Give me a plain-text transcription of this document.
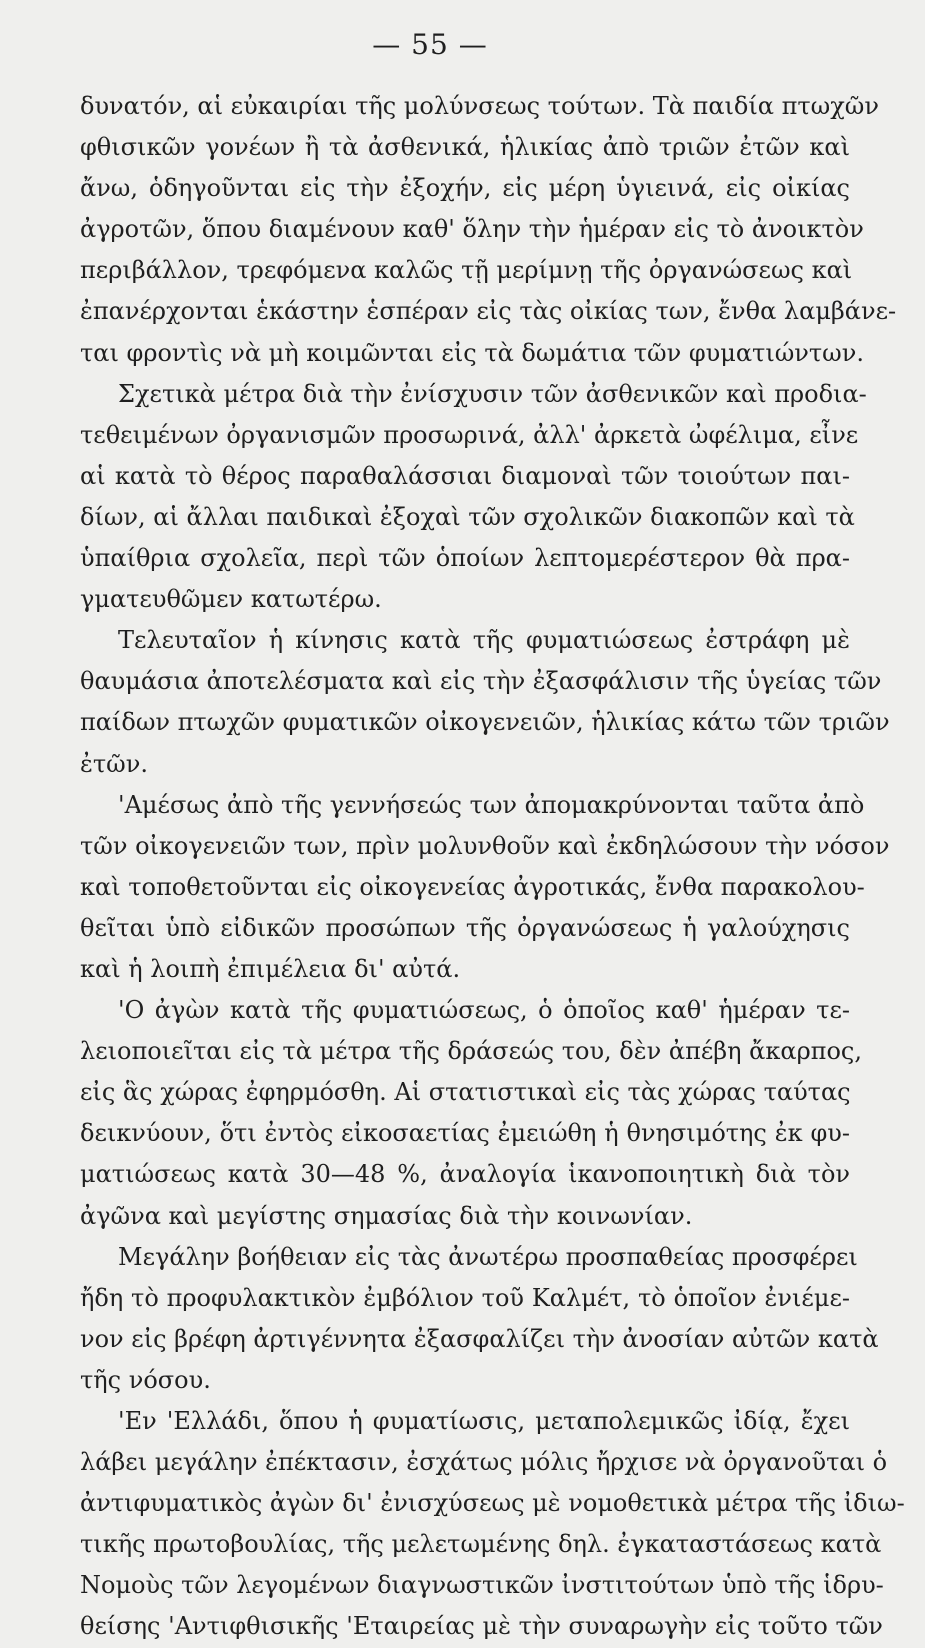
— 55 —
δυνατόν, αἱ εὐκαιρίαι τῆς μολύνσεως τούτων. Τὰ παιδία πτωχῶν
φθισικῶν γονέων ἢ τὰ ἀσθενικά, ἡλικίας ἀπὸ τριῶν ἐτῶν καὶ
ἄνω, ὁδηγοῦνται εἰς τὴν ἐξοχήν, εἰς μέρη ὑγιεινά, εἰς οἰκίας
ἀγροτῶν, ὅπου διαμένουν καθ' ὅλην τὴν ἡμέραν εἰς τὸ ἀνοικτὸν
περιβάλλον, τρεφόμενα καλῶς τῇ μερίμνῃ τῆς ὀργανώσεως καὶ
ἐπανέρχονται ἑκάστην ἑσπέραν εἰς τὰς οἰκίας των, ἔνθα λαμβάνε-
ται φροντὶς νὰ μὴ κοιμῶνται εἰς τὰ δωμάτια τῶν φυματιώντων.
Σχετικὰ μέτρα διὰ τὴν ἐνίσχυσιν τῶν ἀσθενικῶν καὶ προδια-
τεθειμένων ὀργανισμῶν προσωρινά, ἀλλ' ἀρκετὰ ὠφέλιμα, εἶνε
αἱ κατὰ τὸ θέρος παραθαλάσσιαι διαμοναὶ τῶν τοιούτων παι-
δίων, αἱ ἄλλαι παιδικαὶ ἐξοχαὶ τῶν σχολικῶν διακοπῶν καὶ τὰ
ὑπαίθρια σχολεῖα, περὶ τῶν ὁποίων λεπτομερέστερον θὰ πρα-
γματευθῶμεν κατωτέρω.
Τελευταῖον ἡ κίνησις κατὰ τῆς φυματιώσεως ἐστράφη μὲ
θαυμάσια ἀποτελέσματα καὶ εἰς τὴν ἐξασφάλισιν τῆς ὑγείας τῶν
παίδων πτωχῶν φυματικῶν οἰκογενειῶν, ἡλικίας κάτω τῶν τριῶν
ἐτῶν.
'Αμέσως ἀπὸ τῆς γεννήσεώς των ἀπομακρύνονται ταῦτα ἀπὸ
τῶν οἰκογενειῶν των, πρὶν μολυνθοῦν καὶ ἐκδηλώσουν τὴν νόσον
καὶ τοποθετοῦνται εἰς οἰκογενείας ἀγροτικάς, ἔνθα παρακολου-
θεῖται ὑπὸ εἰδικῶν προσώπων τῆς ὀργανώσεως ἡ γαλούχησις
καὶ ἡ λοιπὴ ἐπιμέλεια δι' αὐτά.
'Ο ἀγὼν κατὰ τῆς φυματιώσεως, ὁ ὁποῖος καθ' ἡμέραν τε-
λειοποιεῖται εἰς τὰ μέτρα τῆς δράσεώς του, δὲν ἀπέβη ἄκαρπος,
εἰς ἃς χώρας ἐφηρμόσθη. Αἱ στατιστικαὶ εἰς τὰς χώρας ταύτας
δεικνύουν, ὅτι ἐντὸς εἰκοσαετίας ἐμειώθη ἡ θνησιμότης ἐκ φυ-
ματιώσεως κατὰ 30—48 %, ἀναλογία ἱκανοποιητικὴ διὰ τὸν
ἀγῶνα καὶ μεγίστης σημασίας διὰ τὴν κοινωνίαν.
Μεγάλην βοήθειαν εἰς τὰς ἀνωτέρω προσπαθείας προσφέρει
ἤδη τὸ προφυλακτικὸν ἐμβόλιον τοῦ Καλμέτ, τὸ ὁποῖον ἐνιέμε-
νον εἰς βρέφη ἀρτιγέννητα ἐξασφαλίζει τὴν ἀνοσίαν αὐτῶν κατὰ
τῆς νόσου.
'Εν 'Ελλάδι, ὅπου ἡ φυματίωσις, μεταπολεμικῶς ἰδίᾳ, ἔχει
λάβει μεγάλην ἐπέκτασιν, ἐσχάτως μόλις ἤρχισε νὰ ὀργανοῦται ὁ
ἀντιφυματικὸς ἀγὼν δι' ἐνισχύσεως μὲ νομοθετικὰ μέτρα τῆς ἰδιω-
τικῆς πρωτοβουλίας, τῆς μελετωμένης δηλ. ἐγκαταστάσεως κατὰ
Νομοὺς τῶν λεγομένων διαγνωστικῶν ἰνστιτούτων ὑπὸ τῆς ἱδρυ-
θείσης 'Αντιφθισικῆς 'Εταιρείας μὲ τὴν συναρωγὴν εἰς τοῦτο τῶν
